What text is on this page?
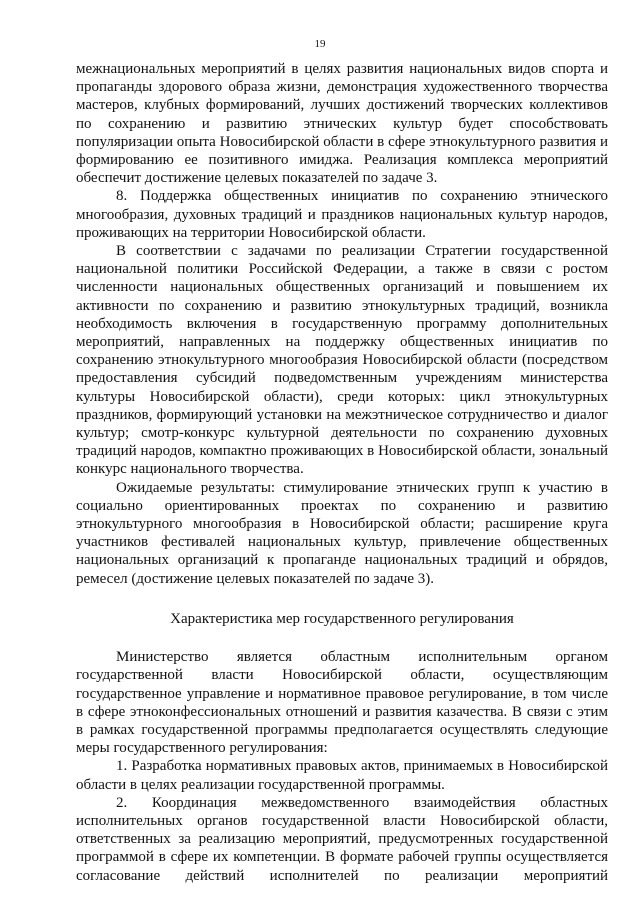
19

межнациональных мероприятий в целях развития национальных видов спорта и пропаганды здорового образа жизни, демонстрация художественного творчества мастеров, клубных формирований, лучших достижений творческих коллективов по сохранению и развитию этнических культур будет способствовать популяризации опыта Новосибирской области в сфере этнокультурного развития и формированию ее позитивного имиджа. Реализация комплекса мероприятий обеспечит достижение целевых показателей по задаче 3.

8. Поддержка общественных инициатив по сохранению этнического многообразия, духовных традиций и праздников национальных культур народов, проживающих на территории Новосибирской области.

В соответствии с задачами по реализации Стратегии государственной национальной политики Российской Федерации, а также в связи с ростом численности национальных общественных организаций и повышением их активности по сохранению и развитию этнокультурных традиций, возникла необходимость включения в государственную программу дополнительных мероприятий, направленных на поддержку общественных инициатив по сохранению этнокультурного многообразия Новосибирской области (посредством предоставления субсидий подведомственным учреждениям министерства культуры Новосибирской области), среди которых: цикл этнокультурных праздников, формирующий установки на межэтническое сотрудничество и диалог культур; смотр-конкурс культурной деятельности по сохранению духовных традиций народов, компактно проживающих в Новосибирской области, зональный конкурс национального творчества.

Ожидаемые результаты: стимулирование этнических групп к участию в социально ориентированных проектах по сохранению и развитию этнокультурного многообразия в Новосибирской области; расширение круга участников фестивалей национальных культур, привлечение общественных национальных организаций к пропаганде национальных традиций и обрядов, ремесел (достижение целевых показателей по задаче 3).

Характеристика мер государственного регулирования

Министерство является областным исполнительным органом государственной власти Новосибирской области, осуществляющим государственное управление и нормативное правовое регулирование, в том числе в сфере этноконфессиональных отношений и развития казачества. В связи с этим в рамках государственной программы предполагается осуществлять следующие меры государственного регулирования:

1. Разработка нормативных правовых актов, принимаемых в Новосибирской области в целях реализации государственной программы.

2. Координация межведомственного взаимодействия областных исполнительных органов государственной власти Новосибирской области, ответственных за реализацию мероприятий, предусмотренных государственной программой в сфере их компетенции. В формате рабочей группы осуществляется согласование действий исполнителей по реализации мероприятий
